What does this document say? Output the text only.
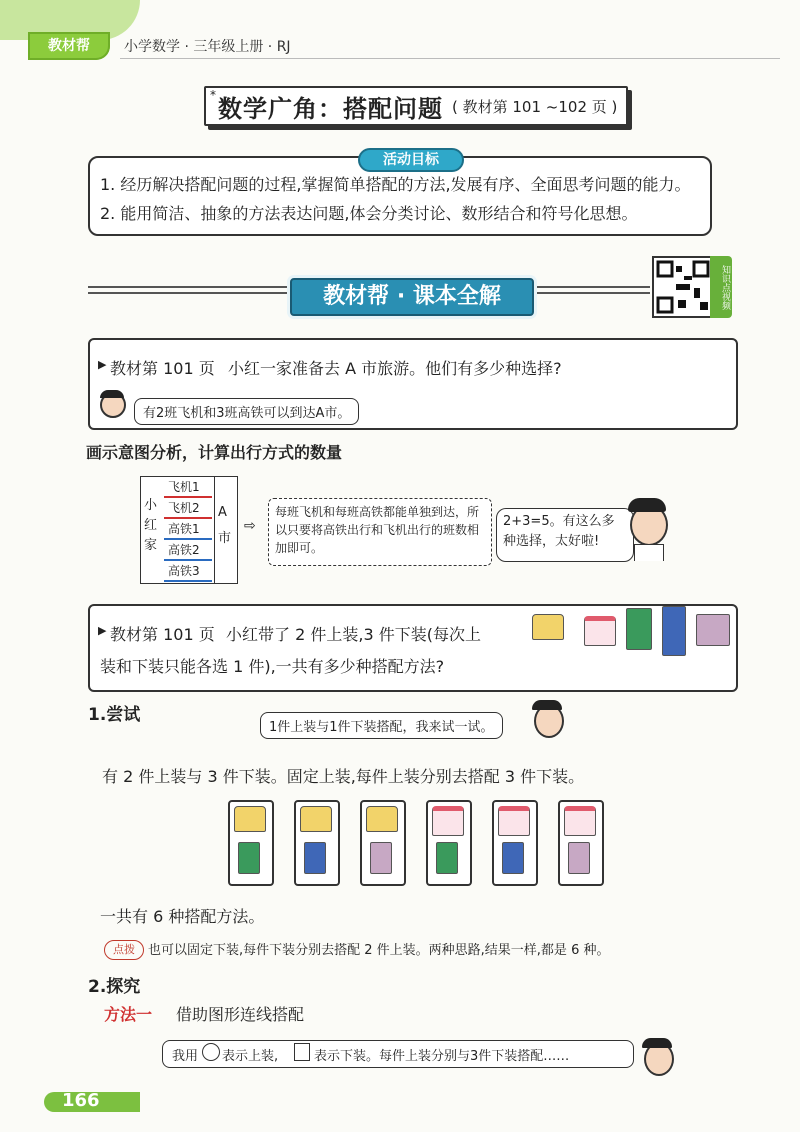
教材帮	小学数学 · 三年级上册 · RJ
* 数学广角：搭配问题 ( 教材第 101 ~102 页 )
活动目标
1. 经历解决搭配问题的过程,掌握简单搭配的方法,发展有序、全面思考问题的能力。
2. 能用简洁、抽象的方法表达问题,体会分类讨论、数形结合和符号化思想。
教材帮 · 课本全解	知识点视频
▶ 教材第 101 页 小红一家准备去 A 市旅游。他们有多少种选择?
有2班飞机和3班高铁可以到达A市。
画示意图分析，计算出行方式的数量
小红家
A市
飞机1
飞机2
高铁1
高铁2
高铁3
⇨
每班飞机和每班高铁都能单独到达，所以只要将高铁出行和飞机出行的班数相加即可。
2+3=5。有这么多种选择，太好啦!
▶ 教材第 101 页 小红带了 2 件上装,3 件下装(每次上
装和下装只能各选 1 件),一共有多少种搭配方法?
1.尝试
1件上装与1件下装搭配，我来试一试。
有 2 件上装与 3 件下装。固定上装,每件上装分别去搭配 3 件下装。
一共有 6 种搭配方法。
点拨	也可以固定下装,每件下装分别去搭配 2 件上装。两种思路,结果一样,都是 6 种。
2.探究
方法一 借助图形连线搭配
我用 表示上装,	表示下装。每件上装分别与3件下装搭配……
166
